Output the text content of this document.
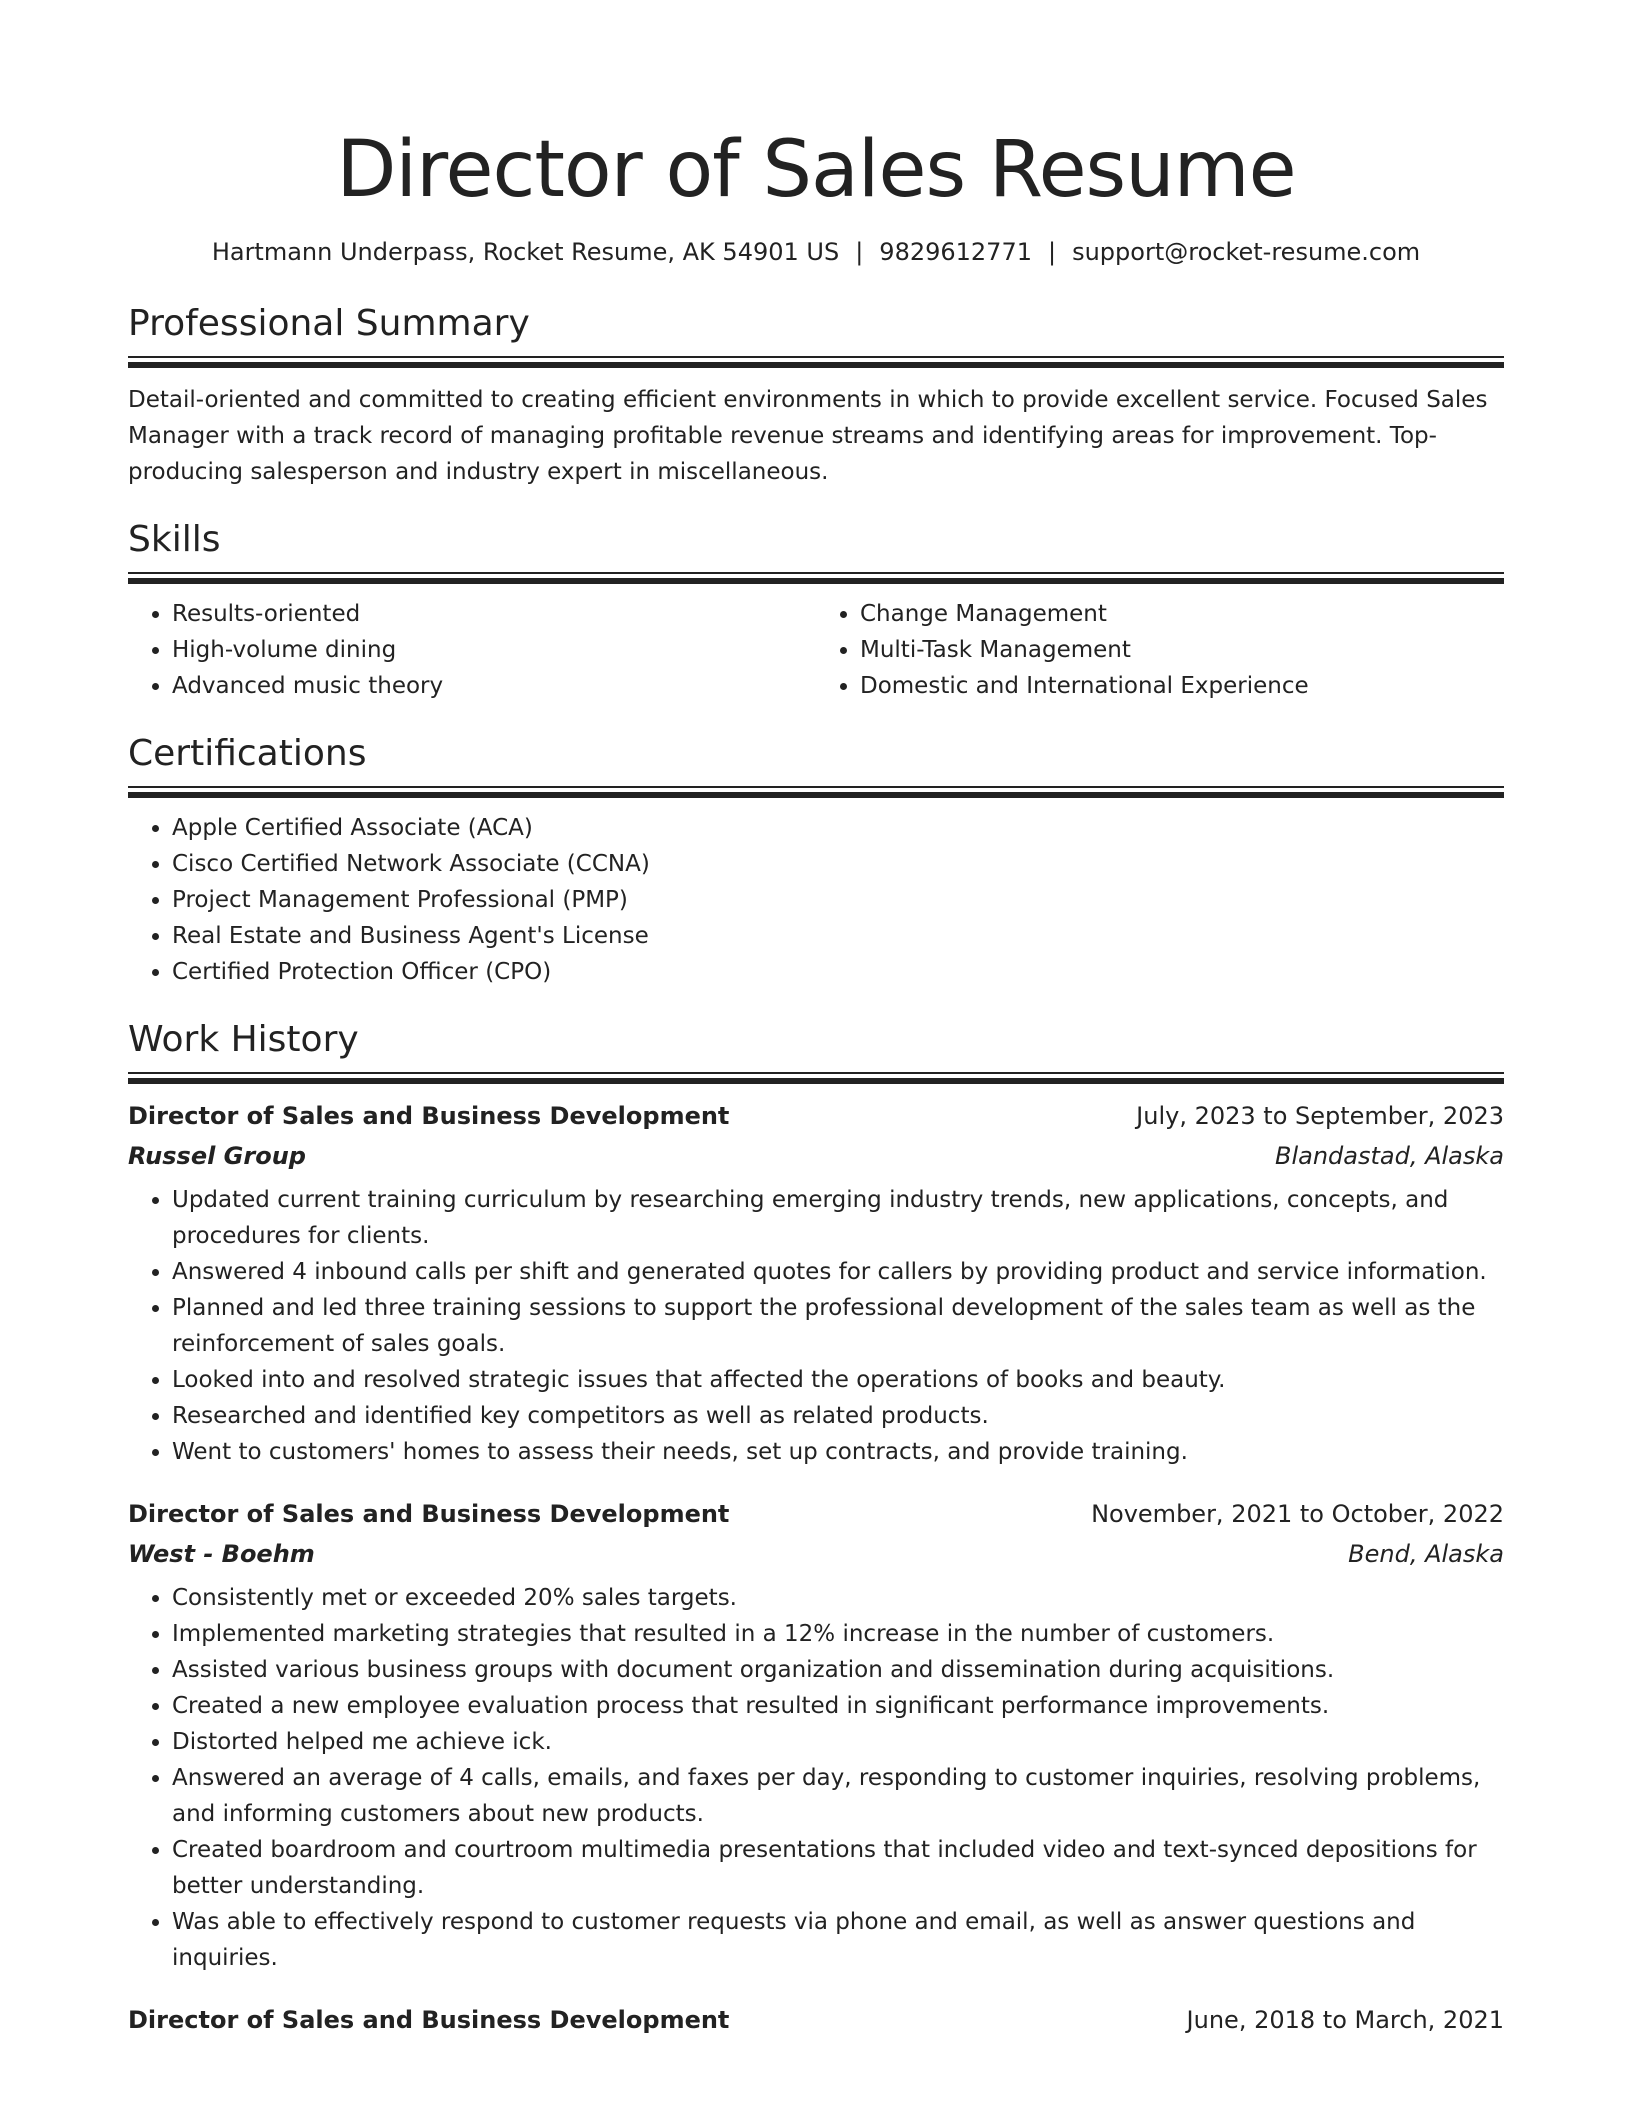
Director of Sales Resume
Hartmann Underpass, Rocket Resume, AK 54901 US | 9829612771 | support@rocket-resume.com
Professional Summary

Detail-oriented and committed to creating efficient environments in which to provide excellent service. Focused Sales Manager with a track record of managing profitable revenue streams and identifying areas for improvement. Top-producing salesperson and industry expert in miscellaneous.

Skills
• Results-oriented
• High-volume dining
• Advanced music theory
• Change Management
• Multi-Task Management
• Domestic and International Experience
Certifications
• Apple Certified Associate (ACA)
• Cisco Certified Network Associate (CCNA)
• Project Management Professional (PMP)
• Real Estate and Business Agent's License
• Certified Protection Officer (CPO)
Work History
Director of Sales and Business Development	July, 2023 to September, 2023
Russel Group	Blandastad, Alaska
• Updated current training curriculum by researching emerging industry trends, new applications, concepts, and procedures for clients.
• Answered 4 inbound calls per shift and generated quotes for callers by providing product and service information.
• Planned and led three training sessions to support the professional development of the sales team as well as the reinforcement of sales goals.
• Looked into and resolved strategic issues that affected the operations of books and beauty.
• Researched and identified key competitors as well as related products.
• Went to customers' homes to assess their needs, set up contracts, and provide training.
Director of Sales and Business Development	November, 2021 to October, 2022
West - Boehm	Bend, Alaska
• Consistently met or exceeded 20% sales targets.
• Implemented marketing strategies that resulted in a 12% increase in the number of customers.
• Assisted various business groups with document organization and dissemination during acquisitions.
• Created a new employee evaluation process that resulted in significant performance improvements.
• Distorted helped me achieve ick.
• Answered an average of 4 calls, emails, and faxes per day, responding to customer inquiries, resolving problems, and informing customers about new products.
• Created boardroom and courtroom multimedia presentations that included video and text-synced depositions for better understanding.
• Was able to effectively respond to customer requests via phone and email, as well as answer questions and inquiries.
Director of Sales and Business Development	June, 2018 to March, 2021
